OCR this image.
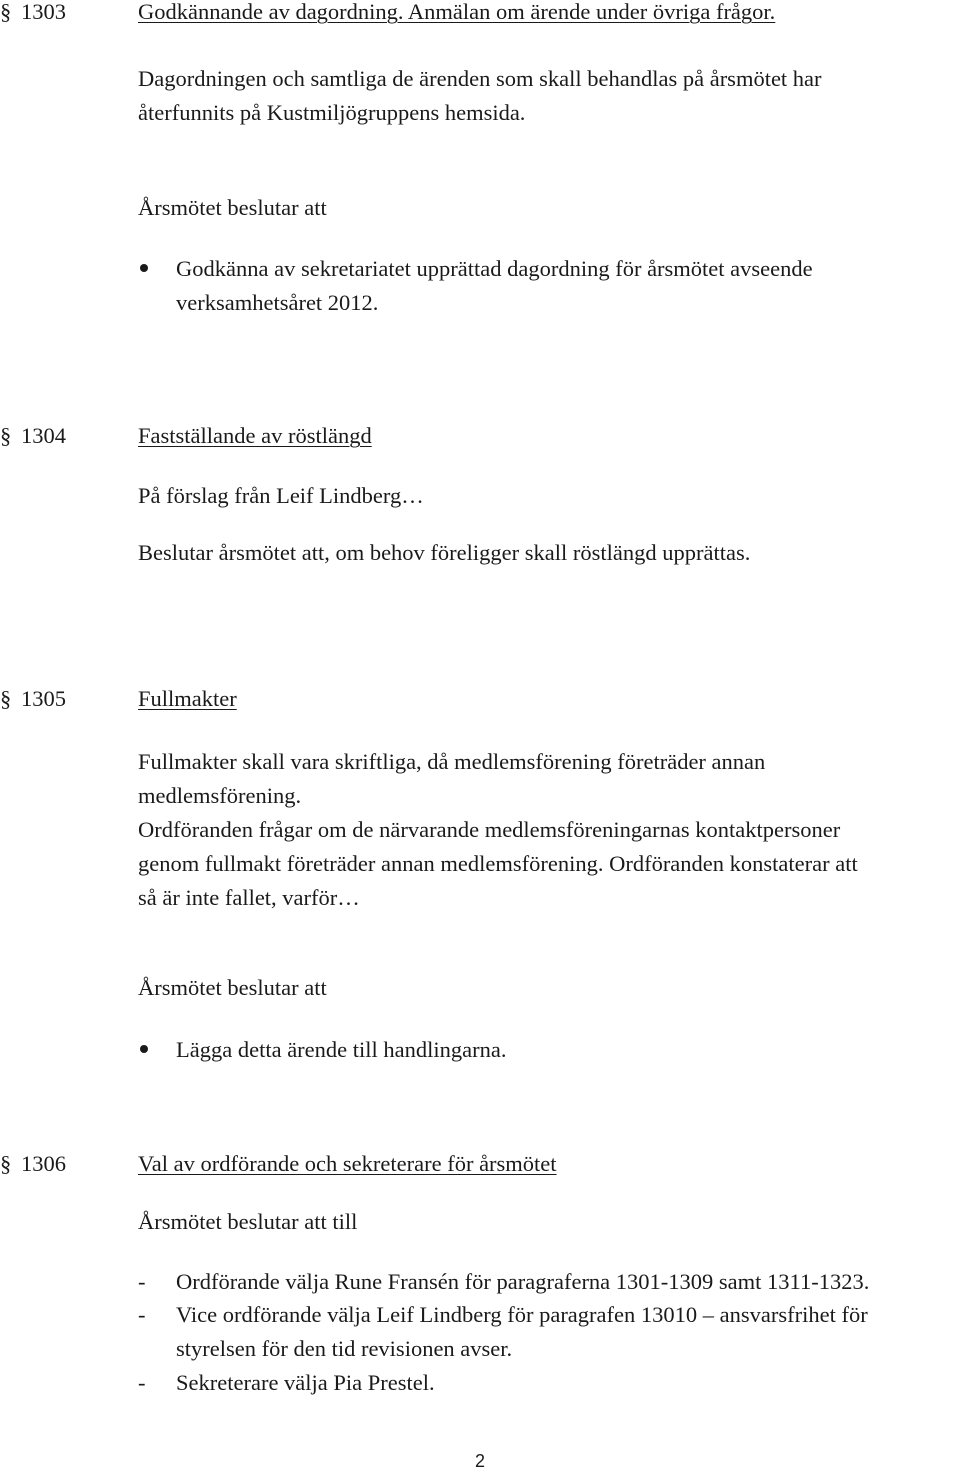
§ 1303	Godkännande av dagordning. Anmälan om ärende under övriga frågor.
Dagordningen och samtliga de ärenden som skall behandlas på årsmötet har
återfunnits på Kustmiljögruppens hemsida.
Årsmötet beslutar att
Godkänna av sekretariatet upprättad dagordning för årsmötet avseende
verksamhetsåret 2012.
§ 1304	Fastställande av röstlängd
På förslag från Leif Lindberg…
Beslutar årsmötet att, om behov föreligger skall röstlängd upprättas.
§ 1305	Fullmakter
Fullmakter skall vara skriftliga, då medlemsförening företräder annan
medlemsförening.
Ordföranden frågar om de närvarande medlemsföreningarnas kontaktpersoner
genom fullmakt företräder annan medlemsförening. Ordföranden konstaterar att
så är inte fallet, varför…
Årsmötet beslutar att
Lägga detta ärende till handlingarna.
§ 1306	Val av ordförande och sekreterare för årsmötet
Årsmötet beslutar att till
- Ordförande välja Rune Fransén för paragraferna 1301-1309 samt 1311-1323.
- Vice ordförande välja Leif Lindberg för paragrafen 13010 – ansvarsfrihet för
styrelsen för den tid revisionen avser.
- Sekreterare välja Pia Prestel.
2
